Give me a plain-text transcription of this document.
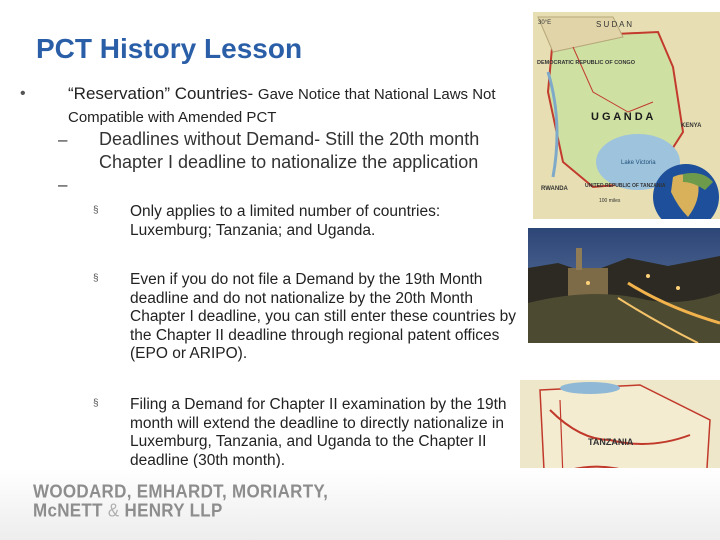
PCT History Lesson
• “Reservation” Countries- Gave Notice that National Laws Not Compatible with Amended PCT
– Deadlines without Demand- Still the 20th month Chapter I deadline to nationalize the application
–
§ Only applies to a limited number of countries: Luxemburg; Tanzania; and Uganda.
§ Even if you do not file a Demand by the 19th Month deadline and do not nationalize by the 20th Month Chapter I deadline, you can still enter these countries by the Chapter II deadline through regional patent offices (EPO or ARIPO).
§ Filing a Demand for Chapter II examination by the 19th month will extend the deadline to directly nationalize in Luxemburg, Tanzania, and Uganda to the Chapter II deadline (30th month).
S U D A N
30°E
DEMOCRATIC REPUBLIC OF CONGO
U G A N D A
KENYA
RWANDA	UNITED REPUBLIC OF TANZANIA
Lake Victoria
100 miles
TANZANIA
WOODARD, EMHARDT, MORIARTY,
McNETT & HENRY LLP
